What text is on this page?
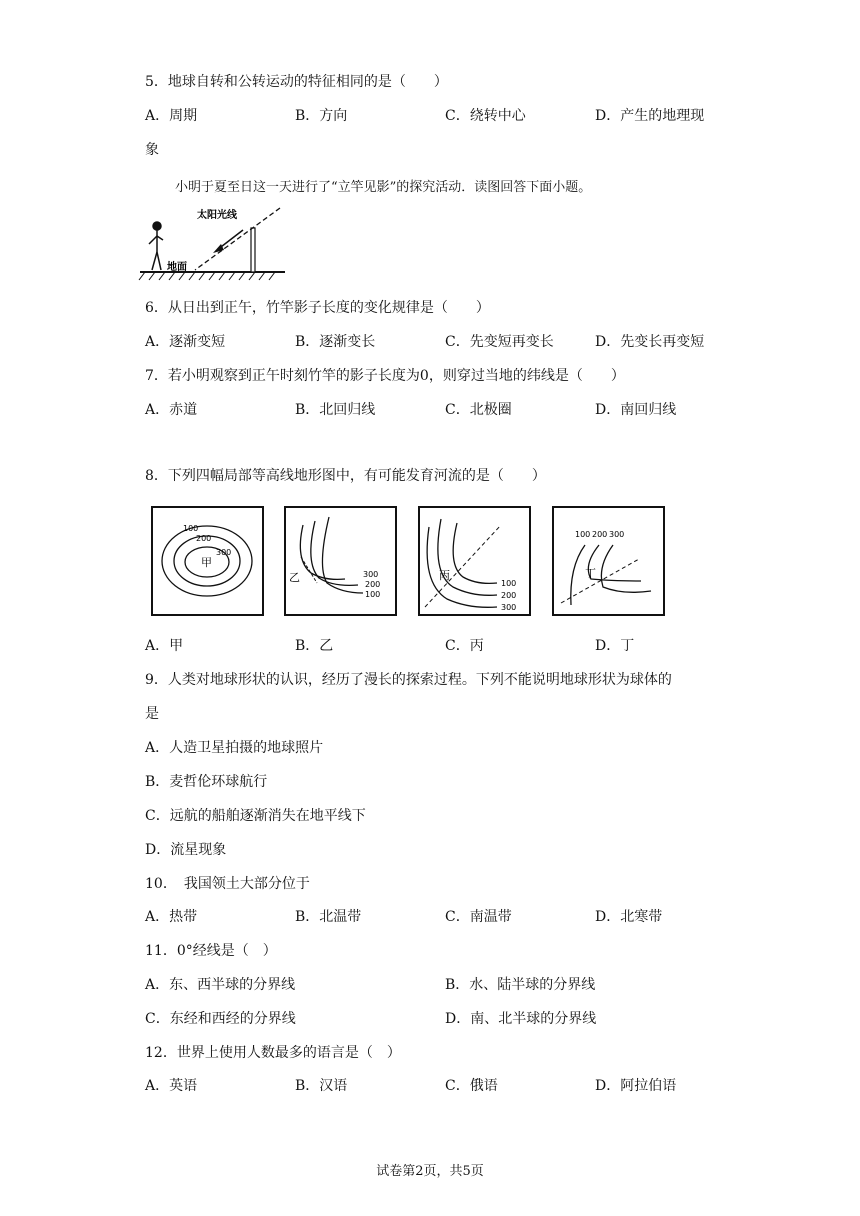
5．地球自转和公转运动的特征相同的是（　　）
A．周期	B．方向	C．绕转中心	D．产生的地理现
象
小明于夏至日这一天进行了“立竿见影”的探究活动．读图回答下面小题。
太阳光线
地面
6．从日出到正午，竹竿影子长度的变化规律是（　　）
A．逐渐变短	B．逐渐变长	C．先变短再变长	D．先变长再变短
7．若小明观察到正午时刻竹竿的影子长度为0，则穿过当地的纬线是（　　）
A．赤道	B．北回归线	C．北极圈	D．南回归线
8．下列四幅局部等高线地形图中，有可能发育河流的是（　　）
100
200
300
甲
300
200
100
乙	100
200
300
丙
100 200 300
丁
A．甲	B．乙	C．丙	D．丁
9．人类对地球形状的认识，经历了漫长的探索过程。下列不能说明地球形状为球体的
是
A．人造卫星拍摄的地球照片
B．麦哲伦环球航行
C．远航的船舶逐渐消失在地平线下
D．流星现象
10．　我国领土大部分位于
A．热带	B．北温带	C．南温带	D．北寒带
11．0°经线是（　）
A．东、西半球的分界线	B．水、陆半球的分界线
C．东经和西经的分界线	D．南、北半球的分界线
12．世界上使用人数最多的语言是（　）
A．英语	B．汉语	C．俄语	D．阿拉伯语
试卷第2页，共5页
